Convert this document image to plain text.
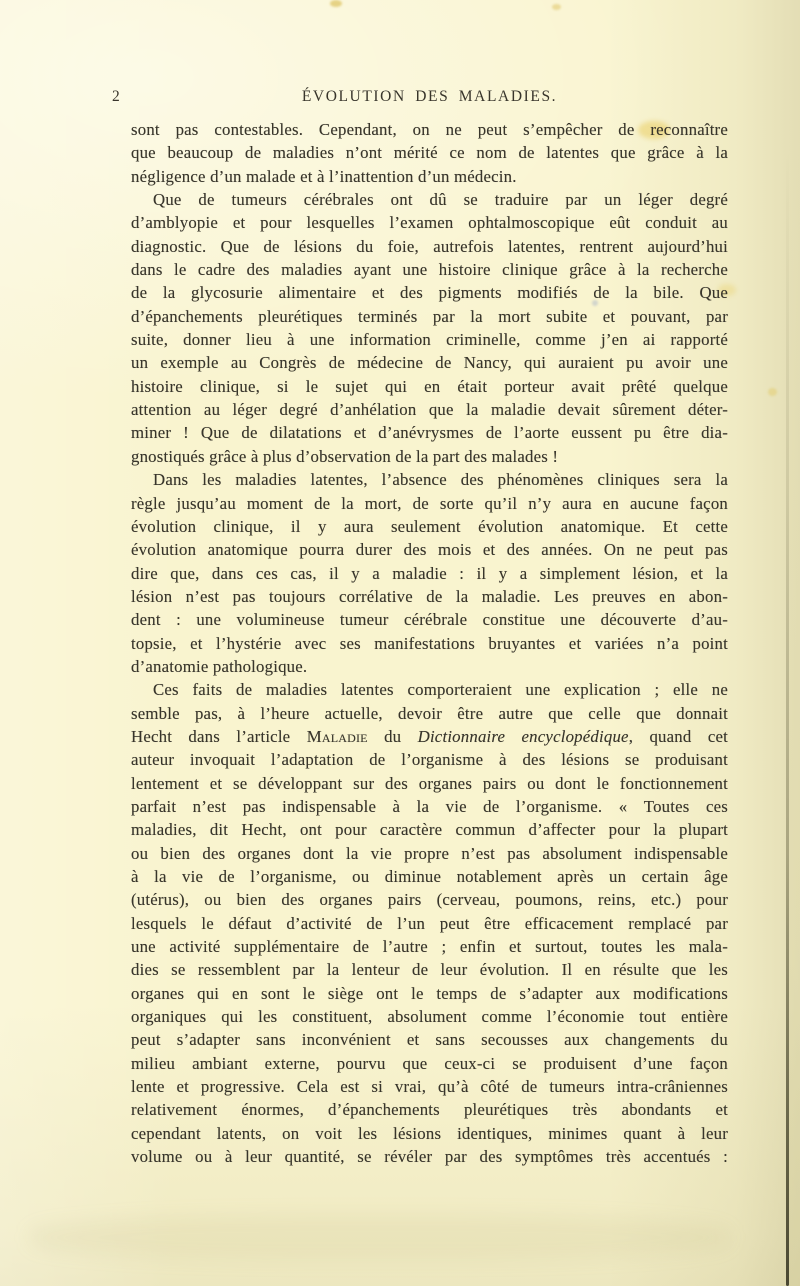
2	ÉVOLUTION DES MALADIES.
sont pas contestables. Cependant, on ne peut s’empêcher de reconnaître
que beaucoup de maladies n’ont mérité ce nom de latentes que grâce à la
négligence d’un malade et à l’inattention d’un médecin.
Que de tumeurs cérébrales ont dû se traduire par un léger degré
d’amblyopie et pour lesquelles l’examen ophtalmoscopique eût conduit au
diagnostic. Que de lésions du foie, autrefois latentes, rentrent aujourd’hui
dans le cadre des maladies ayant une histoire clinique grâce à la recherche
de la glycosurie alimentaire et des pigments modifiés de la bile. Que
d’épanchements pleurétiques terminés par la mort subite et pouvant, par
suite, donner lieu à une information criminelle, comme j’en ai rapporté
un exemple au Congrès de médecine de Nancy, qui auraient pu avoir une
histoire clinique, si le sujet qui en était porteur avait prêté quelque
attention au léger degré d’anhélation que la maladie devait sûrement déter-
miner ! Que de dilatations et d’anévrysmes de l’aorte eussent pu être dia-
gnostiqués grâce à plus d’observation de la part des malades !
Dans les maladies latentes, l’absence des phénomènes cliniques sera la
règle jusqu’au moment de la mort, de sorte qu’il n’y aura en aucune façon
évolution clinique, il y aura seulement évolution anatomique. Et cette
évolution anatomique pourra durer des mois et des années. On ne peut pas
dire que, dans ces cas, il y a maladie : il y a simplement lésion, et la
lésion n’est pas toujours corrélative de la maladie. Les preuves en abon-
dent : une volumineuse tumeur cérébrale constitue une découverte d’au-
topsie, et l’hystérie avec ses manifestations bruyantes et variées n’a point
d’anatomie pathologique.
Ces faits de maladies latentes comporteraient une explication ; elle ne
semble pas, à l’heure actuelle, devoir être autre que celle que donnait
Hecht dans l’article Maladie du Dictionnaire encyclopédique, quand cet
auteur invoquait l’adaptation de l’organisme à des lésions se produisant
lentement et se développant sur des organes pairs ou dont le fonctionnement
parfait n’est pas indispensable à la vie de l’organisme. « Toutes ces
maladies, dit Hecht, ont pour caractère commun d’affecter pour la plupart
ou bien des organes dont la vie propre n’est pas absolument indispensable
à la vie de l’organisme, ou diminue notablement après un certain âge
(utérus), ou bien des organes pairs (cerveau, poumons, reins, etc.) pour
lesquels le défaut d’activité de l’un peut être efficacement remplacé par
une activité supplémentaire de l’autre ; enfin et surtout, toutes les mala-
dies se ressemblent par la lenteur de leur évolution. Il en résulte que les
organes qui en sont le siège ont le temps de s’adapter aux modifications
organiques qui les constituent, absolument comme l’économie tout entière
peut s’adapter sans inconvénient et sans secousses aux changements du
milieu ambiant externe, pourvu que ceux-ci se produisent d’une façon
lente et progressive. Cela est si vrai, qu’à côté de tumeurs intra-crâniennes
relativement énormes, d’épanchements pleurétiques très abondants et
cependant latents, on voit les lésions identiques, minimes quant à leur
volume ou à leur quantité, se révéler par des symptômes très accentués :
